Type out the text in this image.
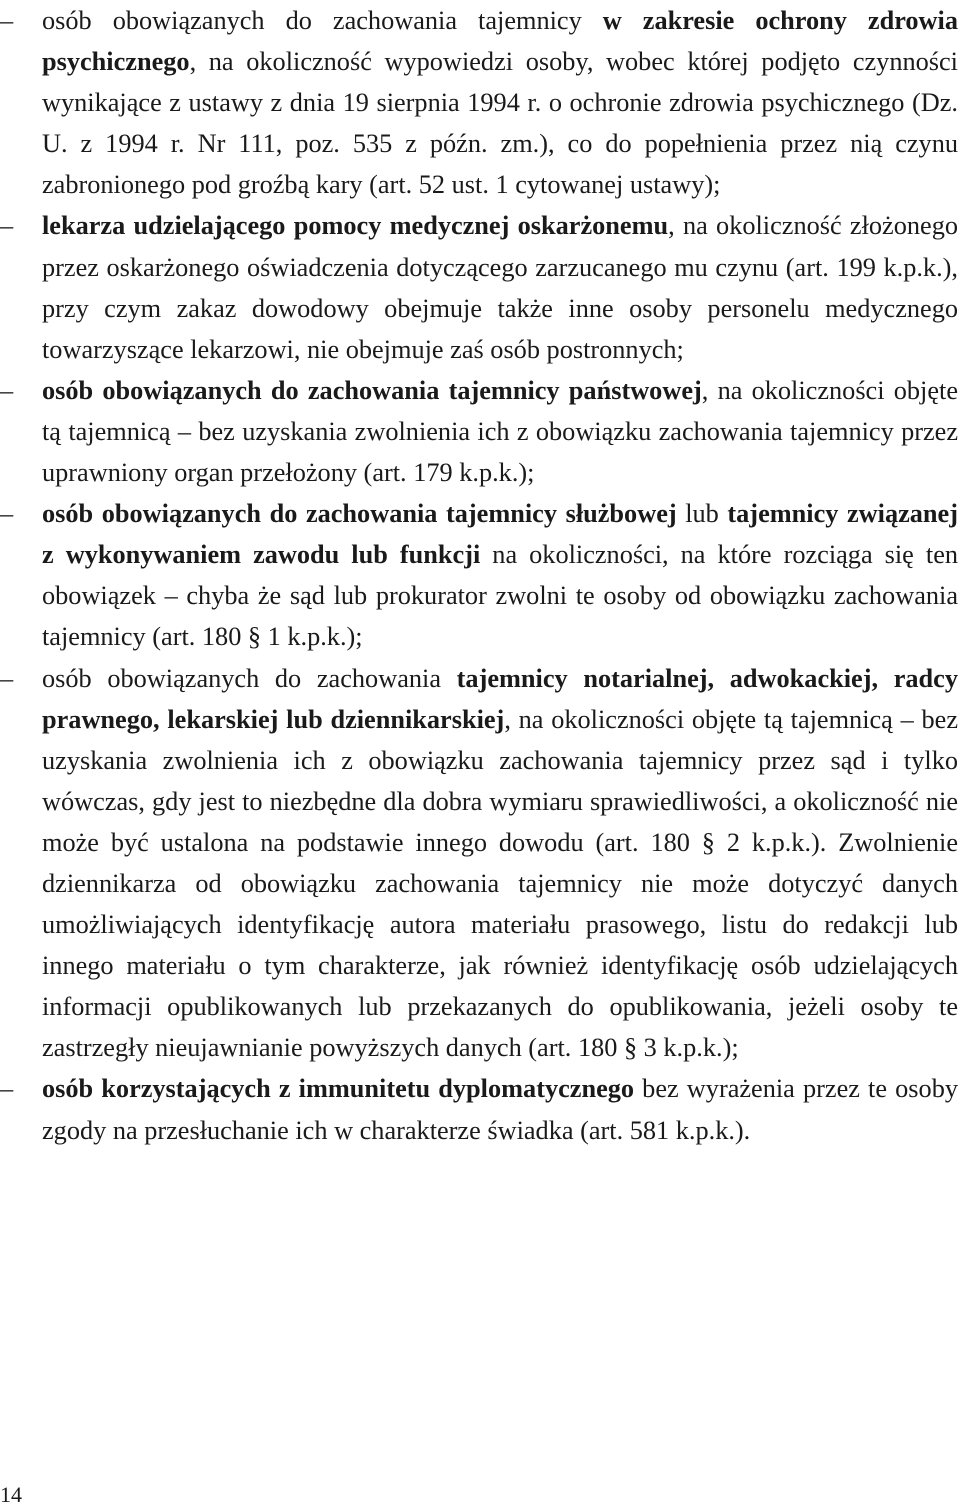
–	osób obowiązanych do zachowania tajemnicy w zakresie ochrony zdrowia psychicznego, na okoliczność wypowiedzi osoby, wobec której podjęto czynności wynikające z ustawy z dnia 19 sierpnia 1994 r. o ochronie zdrowia psychicznego (Dz. U. z 1994 r. Nr 111, poz. 535 z późn. zm.), co do popełnienia przez nią czynu zabronionego pod groźbą kary (art. 52 ust. 1 cytowanej ustawy);
–	lekarza udzielającego pomocy medycznej oskarżonemu, na okoliczność złożonego przez oskarżonego oświadczenia dotyczącego zarzucanego mu czynu (art. 199 k.p.k.), przy czym zakaz dowodowy obejmuje także inne osoby personelu medycznego towarzyszące lekarzowi, nie obejmuje zaś osób postronnych;
–	osób obowiązanych do zachowania tajemnicy państwowej, na okoliczności objęte tą tajemnicą – bez uzyskania zwolnienia ich z obowiązku zachowania tajemnicy przez uprawniony organ przełożony (art. 179 k.p.k.);
–	osób obowiązanych do zachowania tajemnicy służbowej lub tajemnicy związanej z wykonywaniem zawodu lub funkcji na okoliczności, na które rozciąga się ten obowiązek – chyba że sąd lub prokurator zwolni te osoby od obowiązku zachowania tajemnicy (art. 180 § 1 k.p.k.);
–	osób obowiązanych do zachowania tajemnicy notarialnej, adwokackiej, radcy prawnego, lekarskiej lub dziennikarskiej, na okoliczności objęte tą tajemnicą – bez uzyskania zwolnienia ich z obowiązku zachowania tajemnicy przez sąd i tylko wówczas, gdy jest to niezbędne dla dobra wymiaru sprawiedliwości, a okoliczność nie może być ustalona na podstawie innego dowodu (art. 180 § 2 k.p.k.). Zwolnienie dziennikarza od obowiązku zachowania tajemnicy nie może dotyczyć danych umożliwiających identyfikację autora materiału prasowego, listu do redakcji lub innego materiału o tym charakterze, jak również identyfikację osób udzielających informacji opublikowanych lub przekazanych do opublikowania, jeżeli osoby te zastrzegły nieujawnianie powyższych danych (art. 180 § 3 k.p.k.);
–	osób korzystających z immunitetu dyplomatycznego bez wyrażenia przez te osoby zgody na przesłuchanie ich w charakterze świadka (art. 581 k.p.k.).
14
